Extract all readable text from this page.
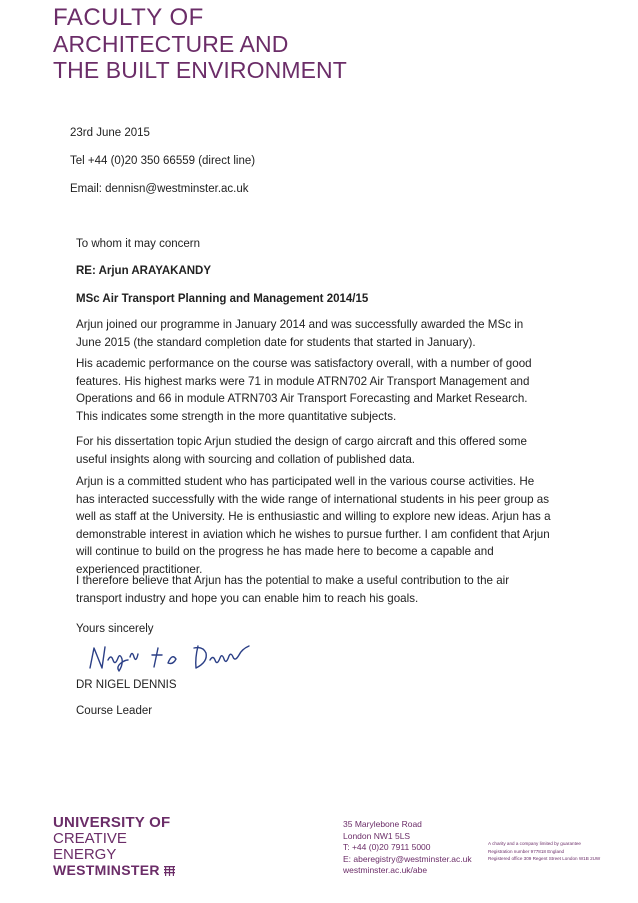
FACULTY OF
ARCHITECTURE AND
THE BUILT ENVIRONMENT
23rd June 2015
Tel +44 (0)20 350 66559 (direct line)
Email: dennisn@westminster.ac.uk
To whom it may concern
RE: Arjun ARAYAKANDY
MSc Air Transport Planning and Management 2014/15
Arjun joined our programme in January 2014 and was successfully awarded the MSc in June 2015 (the standard completion date for students that started in January).
His academic performance on the course was satisfactory overall, with a number of good features. His highest marks were 71 in module ATRN702 Air Transport Management and Operations and 66 in module ATRN703 Air Transport Forecasting and Market Research. This indicates some strength in the more quantitative subjects.
For his dissertation topic Arjun studied the design of cargo aircraft and this offered some useful insights along with sourcing and collation of published data.
Arjun is a committed student who has participated well in the various course activities. He has interacted successfully with the wide range of international students in his peer group as well as staff at the University. He is enthusiastic and willing to explore new ideas. Arjun has a demonstrable interest in aviation which he wishes to pursue further. I am confident that Arjun will continue to build on the progress he has made here to become a capable and experienced practitioner.
I therefore believe that Arjun has the potential to make a useful contribution to the air transport industry and hope you can enable him to reach his goals.
Yours sincerely
DR NIGEL DENNIS
Course Leader
UNIVERSITY OF
CREATIVE
ENERGY
WESTMINSTER
35 Marylebone Road
London NW1 5LS
T: +44 (0)20 7911 5000
E: aberegistry@westminster.ac.uk
westminster.ac.uk/abe
A charity and a company limited by guarantee
Registration number 977818 England
Registered office 309 Regent Street London W1B 2UW
